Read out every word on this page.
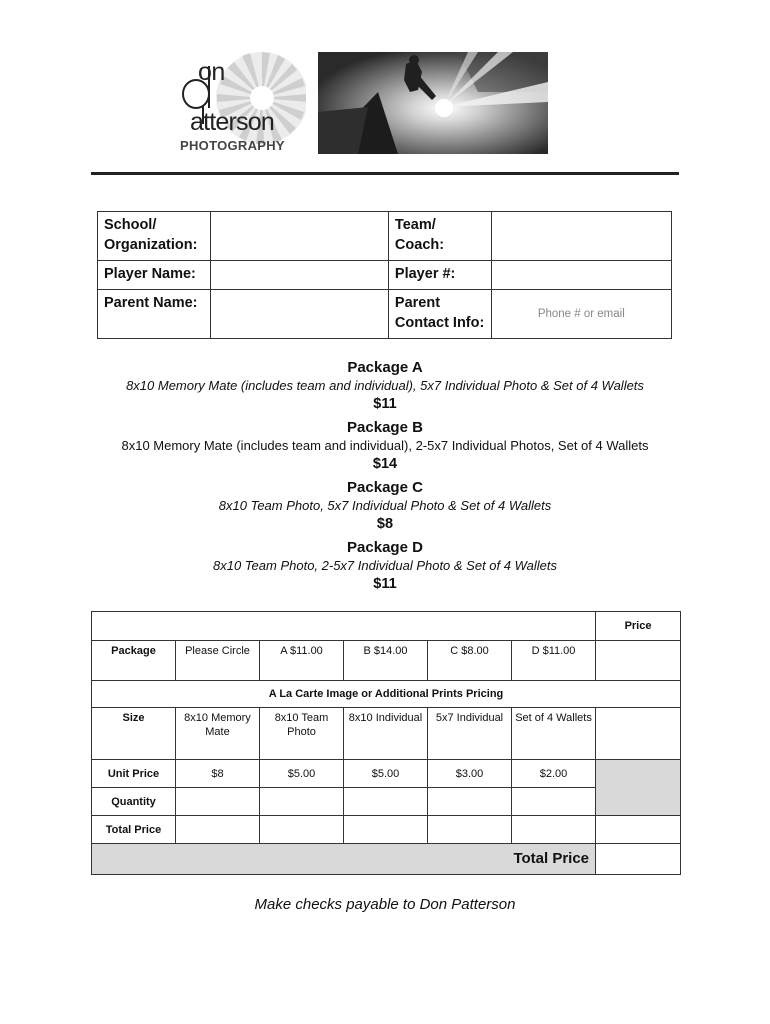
on
atterson
PHOTOGRAPHY
School/ Organization:		Team/ Coach:	
Player Name:		Player #:	
Parent Name:		Parent Contact Info:	Phone # or email
Package A
8x10 Memory Mate (includes team and individual), 5x7 Individual Photo & Set of 4 Wallets
$11
Package B
8x10 Memory Mate (includes team and individual), 2-5x7 Individual Photos, Set of 4 Wallets
$14
Package C
8x10 Team Photo, 5x7 Individual Photo & Set of 4 Wallets
$8
Package D
8x10 Team Photo, 2-5x7 Individual Photo & Set of 4 Wallets
$11
						Price
Package	Please Circle	A $11.00	B $14.00	C $8.00	D $11.00	
A La Carte Image or Additional Prints Pricing						
Size	8x10 Memory Mate	8x10 Team Photo	8x10 Individual	5x7 Individual	Set of 4 Wallets	
Unit Price	$8	$5.00	$5.00	$3.00	$2.00	
Quantity						
Total Price						
Total Price						
Make checks payable to Don Patterson
